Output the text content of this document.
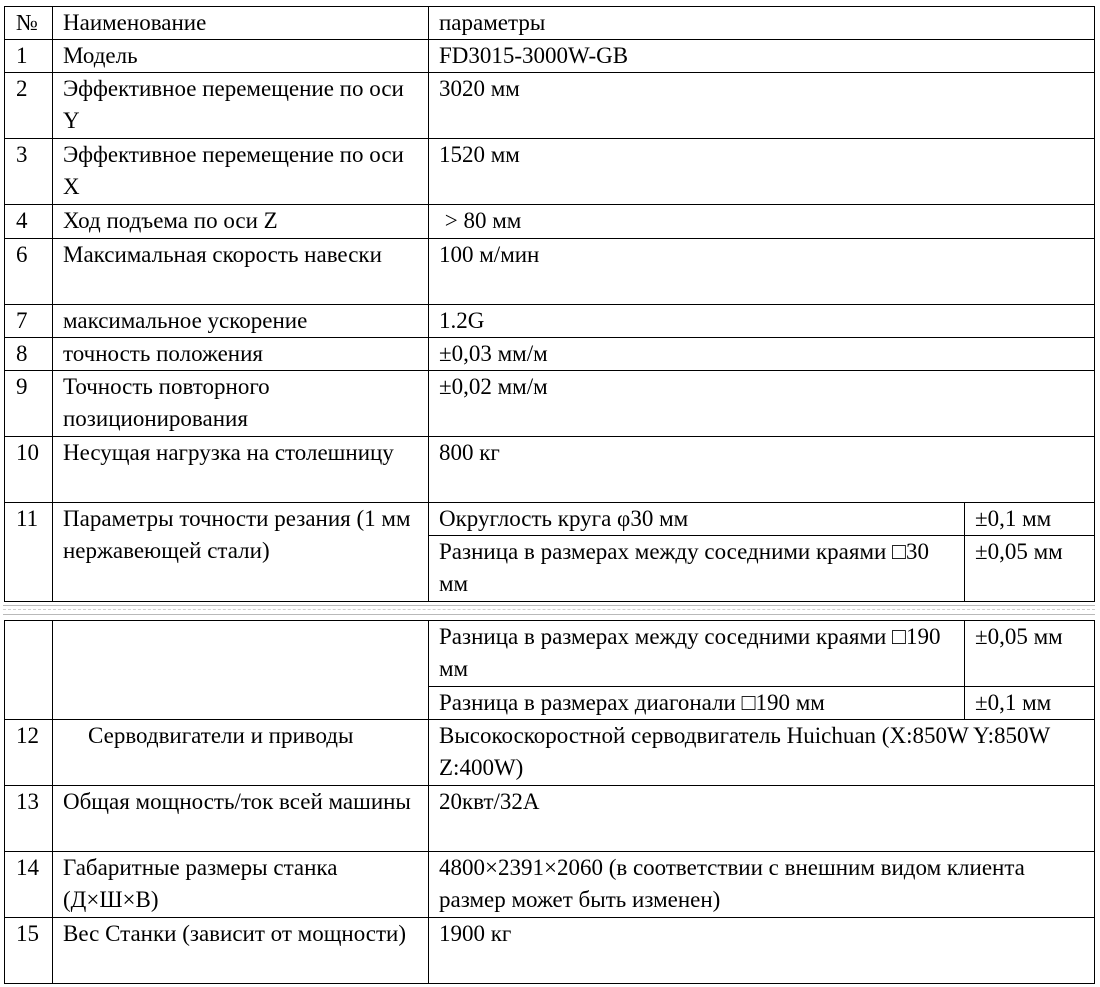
№	Наименование	параметры	
1	Модель	FD3015-3000W-GB	
2	Эффективное перемещение по оси Y	3020 мм	
3	Эффективное перемещение по оси X	1520 мм	
4	Ход подъема по оси Z	> 80 мм	
6	Максимальная скорость навески	100 м/мин	
7	максимальное ускорение	1.2G	
8	точность положения	±0,03 мм/м	
9	Точность повторного позиционирования	±0,02 мм/м	
10	Несущая нагрузка на столешницу	800 кг	
11	Параметры точности резания (1 мм нержавеющей стали)	Округлость круга φ30 мм	±0,1 мм
		Разница в размерах между соседними краями □30 мм	±0,05 мм
		Разница в размерах между соседними краями □190 мм	±0,05 мм
		Разница в размерах диагонали □190 мм	±0,1 мм
12	Серводвигатели и приводы	Высокоскоростной серводвигатель Huichuan (X:850W Y:850W Z:400W)	
13	Общая мощность/ток всей машины	20квт/32A	
14	Габаритные размеры станка (Д×Ш×В)	4800×2391×2060 (в соответствии с внешним видом клиента размер может быть изменен)	
15	Вес Станки (зависит от мощности)	1900 кг	
